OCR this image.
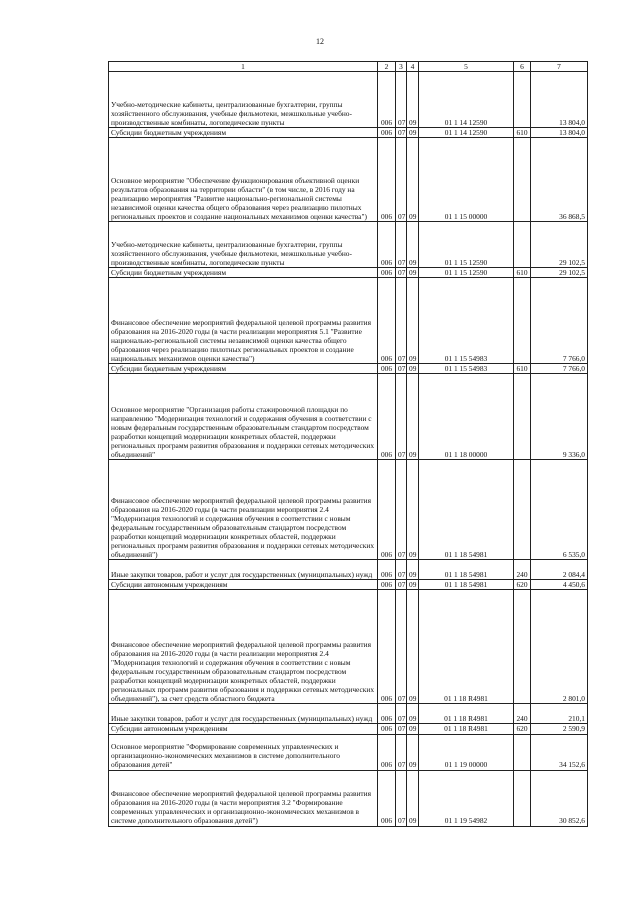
12
1	2	3	4	5	6	7
Учебно-методические кабинеты, централизованные бухгалтерии, группы хозяйственного обслуживания, учебные фильмотеки, межшкольные учебно-производственные комбинаты, логопедические пункты	006	07	09	01 1 14 12590		13 804,0
Субсидии бюджетным учреждениям	006	07	09	01 1 14 12590	610	13 804,0
Основное мероприятие "Обеспечение функционирования объективной оценки результатов образования на территории области" (в том числе, в 2016 году на реализацию мероприятия "Развитие национально-региональной системы независимой оценки качества общего образования через реализацию пилотных региональных проектов и создание национальных механизмов оценки качества")	006	07	09	01 1 15 00000		36 868,5
Учебно-методические кабинеты, централизованные бухгалтерии, группы хозяйственного обслуживания, учебные фильмотеки, межшкольные учебно-производственные комбинаты, логопедические пункты	006	07	09	01 1 15 12590		29 102,5
Субсидии бюджетным учреждениям	006	07	09	01 1 15 12590	610	29 102,5
Финансовое обеспечение мероприятий федеральной целевой программы развития образования на 2016-2020 годы (в части реализации мероприятия 5.1 "Развитие национально-региональной системы независимой оценки качества общего образования через реализацию пилотных региональных проектов и создание национальных механизмов оценки качества")	006	07	09	01 1 15 54983		7 766,0
Субсидии бюджетным учреждениям	006	07	09	01 1 15 54983	610	7 766,0
Основное мероприятие "Организация работы стажировочной площадки по направлению "Модернизация технологий и содержания обучения в соответствии с новым федеральным государственным образовательным стандартом посредством разработки концепций модернизации конкретных областей, поддержки региональных программ развития образования и поддержки сетевых методических объединений"	006	07	09	01 1 18 00000		9 336,0
Финансовое обеспечение мероприятий федеральной целевой программы развития образования на 2016-2020 годы (в части реализации мероприятия 2.4 "Модернизация технологий и содержания обучения в соответствии с новым федеральным государственным образовательным стандартом посредством разработки концепций модернизации конкретных областей, поддержки региональных программ развития образования и поддержки сетевых методических объединений")	006	07	09	01 1 18 54981		6 535,0
Иные закупки товаров, работ и услуг для государственных (муниципальных) нужд	006	07	09	01 1 18 54981	240	2 084,4
Субсидии автономным учреждениям	006	07	09	01 1 18 54981	620	4 450,6
Финансовое обеспечение мероприятий федеральной целевой программы развития образования на 2016-2020 годы (в части реализации мероприятия 2.4 "Модернизация технологий и содержания обучения в соответствии с новым федеральным государственным образовательным стандартом посредством разработки концепций модернизации конкретных областей, поддержки региональных программ развития образования и поддержки сетевых методических объединений"), за счет средств областного бюджета	006	07	09	01 1 18 R4981		2 801,0
Иные закупки товаров, работ и услуг для государственных (муниципальных) нужд	006	07	09	01 1 18 R4981	240	210,1
Субсидии автономным учреждениям	006	07	09	01 1 18 R4981	620	2 590,9
Основное мероприятие "Формирование современных управленческих и организационно-экономических механизмов в системе дополнительного образования детей"	006	07	09	01 1 19 00000		34 152,6
Финансовое обеспечение мероприятий федеральной целевой программы развития образования на 2016-2020 годы (в части мероприятия 3.2 "Формирование современных управленческих и организационно-экономических механизмов в системе дополнительного образования детей")	006	07	09	01 1 19 54982		30 852,6
